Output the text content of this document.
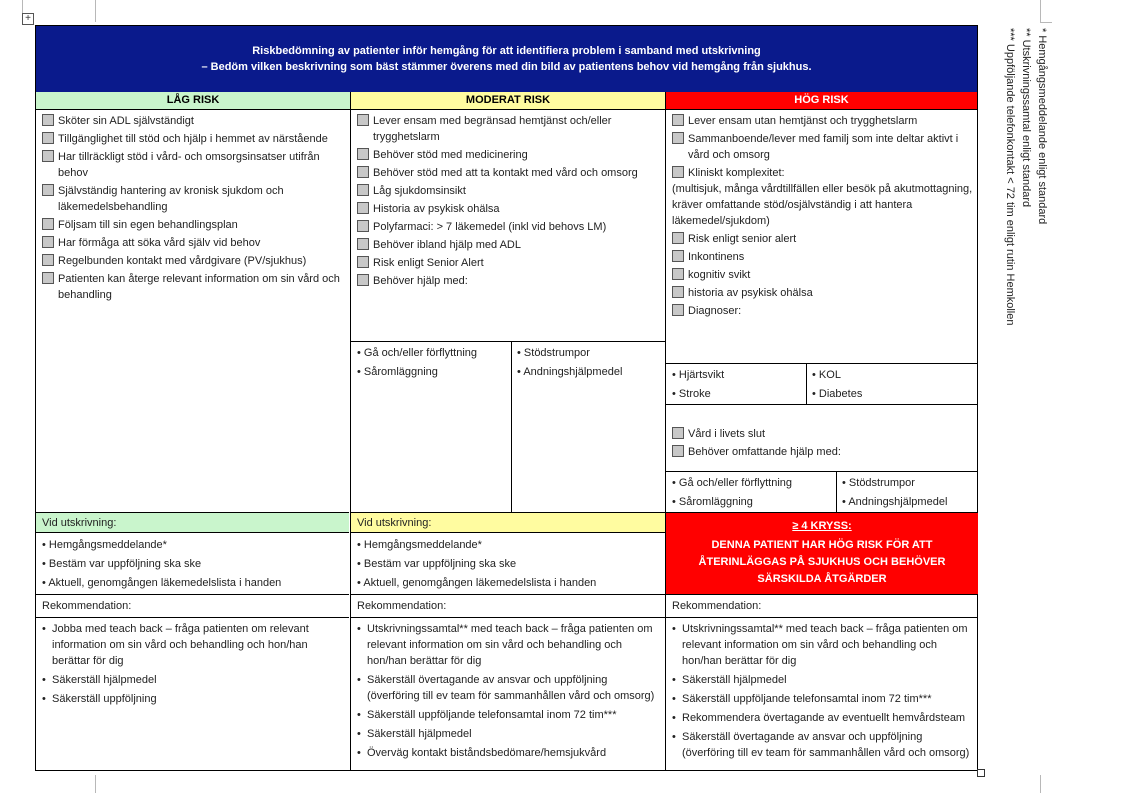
+
Riskbedömning av patienter inför hemgång för att identifiera problem i samband med utskrivning
– Bedöm vilken beskrivning som bäst stämmer överens med din bild av patientens behov vid hemgång från sjukhus.
LÅG RISK
Sköter sin ADL självständigt
Tillgänglighet till stöd och hjälp i hemmet av närstående
Har tillräckligt stöd i vård- och omsorgsinsatser utifrån behov
Självständig hantering av kronisk sjukdom och läkemedelsbehandling
Följsam till sin egen behandlingsplan
Har förmåga att söka vård själv vid behov
Regelbunden kontakt med vårdgivare (PV/sjukhus)
Patienten kan återge relevant information om sin vård och behandling
Vid utskrivning:
• Hemgångsmeddelande*
• Bestäm var uppföljning ska ske
• Aktuell, genomgången läkemedelslista i handen
Rekommendation:
• Jobba med teach back – fråga patienten om relevant information om sin vård och behandling och hon/han berättar för dig
• Säkerställ hjälpmedel
• Säkerställ uppföljning
MODERAT RISK
Lever ensam med begränsad hemtjänst och/eller trygghetslarm
Behöver stöd med medicinering
Behöver stöd med att ta kontakt med vård och omsorg
Låg sjukdomsinsikt
Historia av psykisk ohälsa
Polyfarmaci: > 7 läkemedel (inkl vid behovs LM)
Behöver ibland hjälp med ADL
Risk enligt Senior Alert
Behöver hjälp med:
• Gå och/eller förflyttning
• Såromläggning
• Stödstrumpor
• Andningshjälpmedel
Vid utskrivning:
• Hemgångsmeddelande*
• Bestäm var uppföljning ska ske
• Aktuell, genomgången läkemedelslista i handen
Rekommendation:
• Utskrivningssamtal** med teach back – fråga patienten om relevant information om sin vård och behandling och hon/han berättar för dig
• Säkerställ övertagande av ansvar och uppföljning (överföring till ev team för sammanhållen vård och omsorg)
• Säkerställ uppföljande telefonsamtal inom 72 tim***
• Säkerställ hjälpmedel
• Överväg kontakt biståndsbedömare/hemsjukvård
HÖG RISK
Lever ensam utan hemtjänst och trygghetslarm
Sammanboende/lever med familj som inte deltar aktivt i vård och omsorg
Kliniskt komplexitet:
(multisjuk, många vårdtillfällen eller besök på akutmottagning, kräver omfattande stöd/osjälvständig i att hantera läkemedel/sjukdom)
Risk enligt senior alert
Inkontinens
kognitiv svikt
historia av psykisk ohälsa
Diagnoser:
• Hjärtsvikt
• Stroke
• KOL
• Diabetes
Vård i livets slut
Behöver omfattande hjälp med:
• Gå och/eller förflyttning
• Såromläggning
• Stödstrumpor
• Andningshjälpmedel
≥ 4 KRYSS:
DENNA PATIENT HAR HÖG RISK FÖR ATT ÅTERINLÄGGAS PÅ SJUKHUS OCH BEHÖVER SÄRSKILDA ÅTGÄRDER
Rekommendation:
• Utskrivningssamtal** med teach back – fråga patienten om relevant information om sin vård och behandling och hon/han berättar för dig
• Säkerställ hjälpmedel
• Säkerställ uppföljande telefonsamtal inom 72 tim***
• Rekommendera övertagande av eventuellt hemvårdsteam
• Säkerställ övertagande av ansvar och uppföljning (överföring till ev team för sammanhållen vård och omsorg)
* Hemgångsmeddelande enligt standard
** Utskrivningssamtal enligt standard
*** Uppföljande telefonkontakt < 72 tim enligt rutin Hemkollen
